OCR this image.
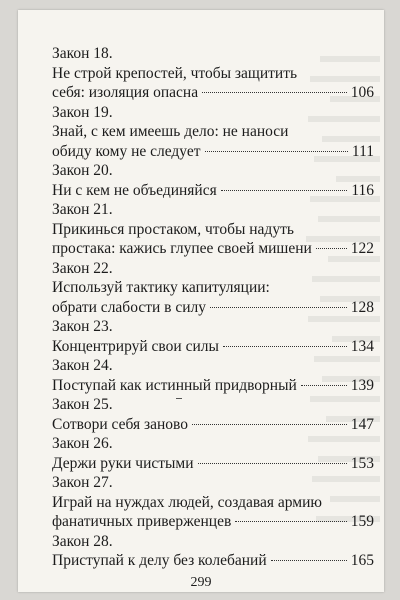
Закон 18.
Не строй крепостей, чтобы защитить
себя: изоляция опасна	106
Закон 19.
Знай, с кем имеешь дело: не наноси
обиду кому не следует	111
Закон 20.
Ни с кем не объединяйся	116
Закон 21.
Прикинься простаком, чтобы надуть
простака: кажись глупее своей мишени	122
Закон 22.
Используй тактику капитуляции:
обрати слабости в силу	128
Закон 23.
Концентрируй свои силы	134
Закон 24.
Поступай как истинный придворный	139
Закон 25.
Сотвори себя заново	147
Закон 26.
Держи руки чистыми	153
Закон 27.
Играй на нуждах людей, создавая армию
фанатичных приверженцев	159
Закон 28.
Приступай к делу без колебаний	165
299
